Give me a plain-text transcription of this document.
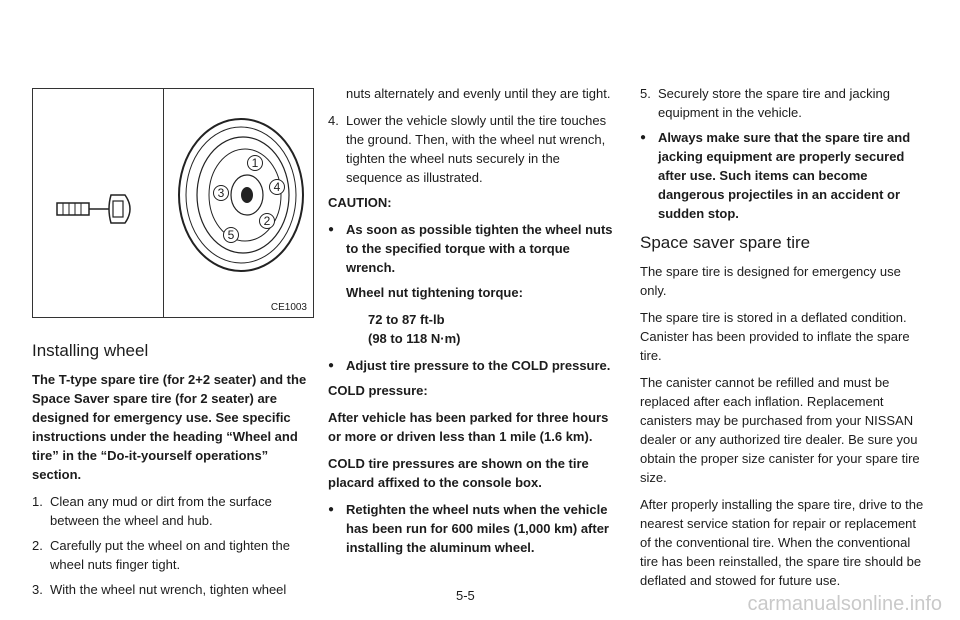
1
2
3	4
5
CE1003
Installing wheel

The T-type spare tire (for 2+2 seater) and the Space Saver spare tire (for 2 seater) are designed for emergency use. See specific instructions under the heading “Wheel and tire” in the “Do-it-yourself operations” section.

1. Clean any mud or dirt from the surface between the wheel and hub.
2. Carefully put the wheel on and tighten the wheel nuts finger tight.
3. With the wheel nut wrench, tighten wheel

nuts alternately and evenly until they are tight.

4. Lower the vehicle slowly until the tire touches the ground. Then, with the wheel nut wrench, tighten the wheel nuts securely in the sequence as illustrated.

CAUTION:

● As soon as possible tighten the wheel nuts to the specified torque with a torque wrench.

Wheel nut tightening torque:

72 to 87 ft-lb

(98 to 118 N·m)

● Adjust tire pressure to the COLD pressure.

COLD pressure:

After vehicle has been parked for three hours or more or driven less than 1 mile (1.6 km).

COLD tire pressures are shown on the tire placard affixed to the console box.

● Retighten the wheel nuts when the vehicle has been run for 600 miles (1,000 km) after installing the aluminum wheel.
5. Securely store the spare tire and jacking equipment in the vehicle.
● Always make sure that the spare tire and jacking equipment are properly secured after use. Such items can become dangerous projectiles in an accident or sudden stop.
Space saver spare tire

The spare tire is designed for emergency use only.

The spare tire is stored in a deflated condition. Canister has been provided to inflate the spare tire.

The canister cannot be refilled and must be replaced after each inflation. Replacement canisters may be purchased from your NISSAN dealer or any authorized tire dealer. Be sure you obtain the proper size canister for your spare tire size.

After properly installing the spare tire, drive to the nearest service station for repair or replacement of the conventional tire. When the conventional tire has been reinstalled, the spare tire should be deflated and stowed for future use.

5-5	carmanualsonline.info
